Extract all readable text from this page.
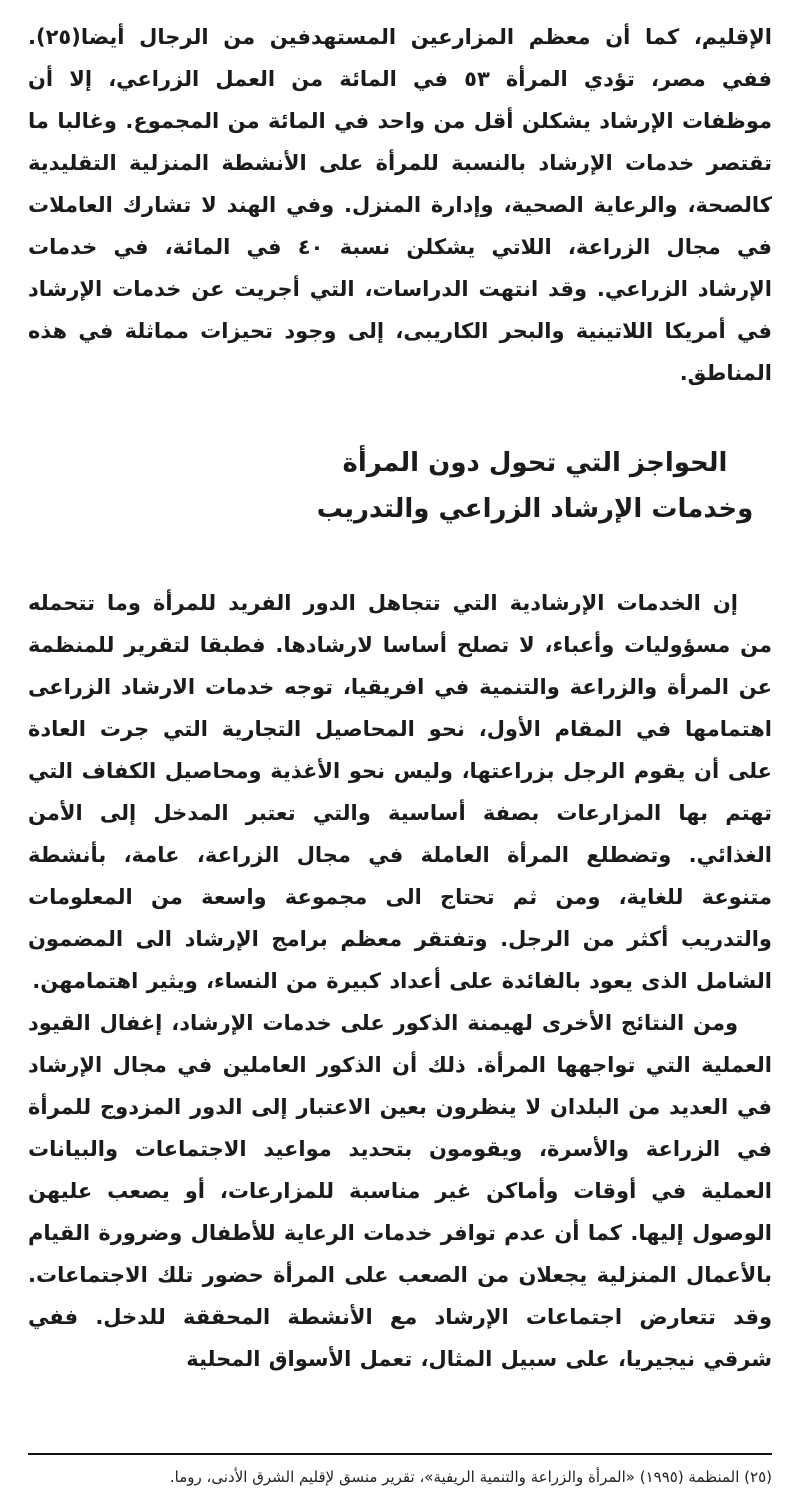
الإقليم، كما أن معظم المزارعين المستهدفين من الرجال أيضا(٢٥). ففي مصر، تؤدي المرأة ٥٣ في المائة من العمل الزراعي، إلا أن موظفات الإرشاد يشكلن أقل من واحد في المائة من المجموع. وغالبا ما تقتصر خدمات الإرشاد بالنسبة للمرأة على الأنشطة المنزلية التقليدية كالصحة، والرعاية الصحية، وإدارة المنزل. وفي الهند لا تشارك العاملات في مجال الزراعة، اللاتي يشكلن نسبة ٤٠ في المائة، في خدمات الإرشاد الزراعي. وقد انتهت الدراسات، التي أجريت عن خدمات الإرشاد في أمريكا اللاتينية والبحر الكاريبى، إلى وجود تحيزات مماثلة في هذه المناطق.

الحواجز التي تحول دون المرأة
وخدمات الإرشاد الزراعي والتدريب

إن الخدمات الإرشادية التي تتجاهل الدور الفريد للمرأة وما تتحمله من مسؤوليات وأعباء، لا تصلح أساسا لارشادها. فطبقا لتقرير للمنظمة عن المرأة والزراعة والتنمية في افريقيا، توجه خدمات الارشاد الزراعى اهتمامها في المقام الأول، نحو المحاصيل التجارية التي جرت العادة على أن يقوم الرجل بزراعتها، وليس نحو الأغذية ومحاصيل الكفاف التي تهتم بها المزارعات بصفة أساسية والتي تعتبر المدخل إلى الأمن الغذائي. وتضطلع المرأة العاملة في مجال الزراعة، عامة، بأنشطة متنوعة للغاية، ومن ثم تحتاج الى مجموعة واسعة من المعلومات والتدريب أكثر من الرجل. وتفتقر معظم برامج الإرشاد الى المضمون الشامل الذى يعود بالفائدة على أعداد كبيرة من النساء، ويثير اهتمامهن.

ومن النتائج الأخرى لهيمنة الذكور على خدمات الإرشاد، إغفال القيود العملية التي تواجهها المرأة. ذلك أن الذكور العاملين في مجال الإرشاد في العديد من البلدان لا ينظرون بعين الاعتبار إلى الدور المزدوج للمرأة في الزراعة والأسرة، ويقومون بتحديد مواعيد الاجتماعات والبيانات العملية في أوقات وأماكن غير مناسبة للمزارعات، أو يصعب عليهن الوصول إليها. كما أن عدم توافر خدمات الرعاية للأطفال وضرورة القيام بالأعمال المنزلية يجعلان من الصعب على المرأة حضور تلك الاجتماعات. وقد تتعارض اجتماعات الإرشاد مع الأنشطة المحققة للدخل. ففي شرقي نيجيريا، على سبيل المثال، تعمل الأسواق المحلية

(٢٥) المنظمة (١٩٩٥) «المرأة والزراعة والتنمية الريفية»، تقرير منسق لإقليم الشرق الأدنى، روما.
